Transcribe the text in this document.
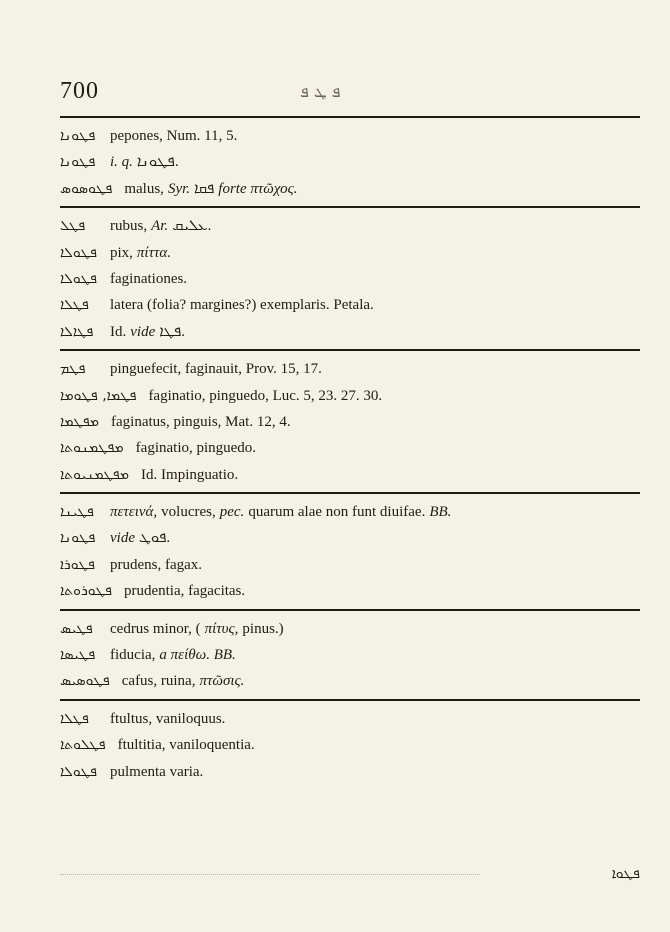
700	ܦ ܛ ܦ
ܦܛܘܢܐ pepones, Num. 11, 5.
ܦܛܘܢܐ i. q. ܦܛܘܢܐ.
ܦܛܘܣܘܣ malus, Syr. ܦܩܐ forte πτῶχος.
ܦܛܠ rubus, Ar. ܥܠܝܩ.
ܦܛܘܠܐ pix, πίττα.
ܦܛܘܠܐ faginationes.
ܦܛܠܐ latera (folia? margines?) exemplaris. Petala.
ܦܛܐܠܐ Id. vide ܦܛܐ.
ܦܛܡ pinguefecit, faginauit, Prov. 15, 17.
ܦܛܡܐ, ܦܛܘܡܐ faginatio, pinguedo, Luc. 5, 23. 27. 30.
ܡܦܛܡܐ faginatus, pinguis, Mat. 12, 4.
ܡܦܛܡܢܘܬܐ faginatio, pinguedo.
ܡܦܛܡܢܝܘܬܐ Id. Impinguatio.
ܦܛܝܢܐ πετεινά, volucres, pec. quarum alae non funt diuifae. BB.
ܦܛܘܢܐ vide ܦܘܛ.
ܦܛܘܪܐ prudens, fagax.
ܦܛܘܪܘܬܐ prudentia, fagacitas.
ܦܛܝܣ cedrus minor, ( πίτυς, pinus.)
ܦܛܝܣܐ fiducia, a πείθω. BB.
ܦܛܘܣܝܣ cafus, ruina, πτῶσις.
ܦܛܠܐ ftultus, vaniloquus.
ܦܛܠܘܬܐ ftultitia, vaniloquentia.
ܦܛܘܠܐ pulmenta varia.
ܦܛܘܐ
